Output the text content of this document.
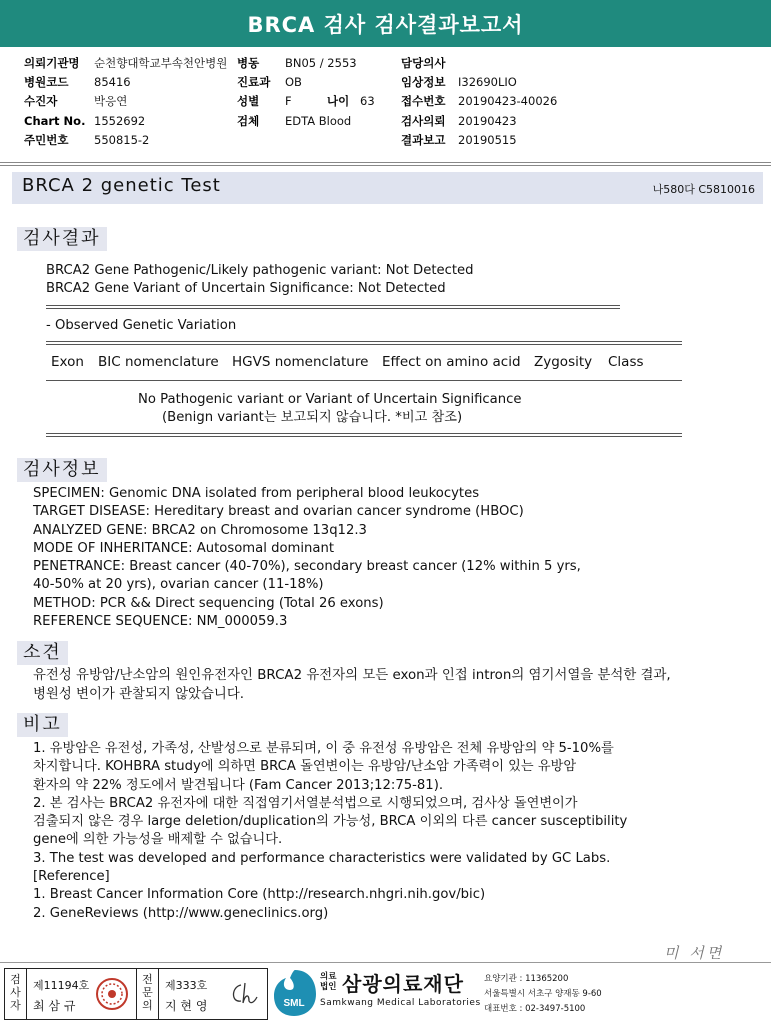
BRCA 검사 검사결과보고서
의뢰기관명 순천향대학교부속천안병원
병원코드 85416
수진자	박응연
Chart No. 1552692
주민번호 550815-2
병동 BN05 / 2553
진료과 OB
성별 F	나이 63
검체 EDTA Blood
담당의사
임상정보 I32690LIO
접수번호 20190423-40026
검사의뢰 20190423
결과보고 20190515
BRCA 2 genetic Test	나580다 C5810016
검사결과
BRCA2 Gene Pathogenic/Likely pathogenic variant: Not Detected
BRCA2 Gene Variant of Uncertain Significance: Not Detected
- Observed Genetic Variation
Exon BIC nomenclature HGVS nomenclature Effect on amino acid Zygosity Class
No Pathogenic variant or Variant of Uncertain Significance
(Benign variant는 보고되지 않습니다. *비고 참조)
검사정보
SPECIMEN: Genomic DNA isolated from peripheral blood leukocytes
TARGET DISEASE: Hereditary breast and ovarian cancer syndrome (HBOC)
ANALYZED GENE: BRCA2 on Chromosome 13q12.3
MODE OF INHERITANCE: Autosomal dominant
PENETRANCE: Breast cancer (40-70%), secondary breast cancer (12% within 5 yrs,
40-50% at 20 yrs), ovarian cancer (11-18%)
METHOD: PCR && Direct sequencing (Total 26 exons)
REFERENCE SEQUENCE: NM_000059.3
소견
유전성 유방암/난소암의 원인유전자인 BRCA2 유전자의 모든 exon과 인접 intron의 염기서열을 분석한 결과,
병원성 변이가 관찰되지 않았습니다.
비고
1. 유방암은 유전성, 가족성, 산발성으로 분류되며, 이 중 유전성 유방암은 전체 유방암의 약 5-10%를
차지합니다. KOHBRA study에 의하면 BRCA 돌연변이는 유방암/난소암 가족력이 있는 유방암
환자의 약 22% 정도에서 발견됩니다 (Fam Cancer 2013;12:75-81).
2. 본 검사는 BRCA2 유전자에 대한 직접염기서열분석법으로 시행되었으며, 검사상 돌연변이가
검출되지 않은 경우 large deletion/duplication의 가능성, BRCA 이외의 다른 cancer susceptibility
gene에 의한 가능성을 배제할 수 없습니다.
3. The test was developed and performance characteristics were validated by GC Labs.
[Reference]
1. Breast Cancer Information Core (http://research.nhgri.nih.gov/bic)
2. GeneReviews (http://www.geneclinics.org)
미 서면
검사자
제11194호
최 삼 규
전문의
제333호
지 현 영	SML
의료
법인 삼광의료재단
Samkwang Medical Laboratories
요양기관 : 11365200
서울특별시 서초구 양재동 9-60
대표번호 : 02-3497-5100
